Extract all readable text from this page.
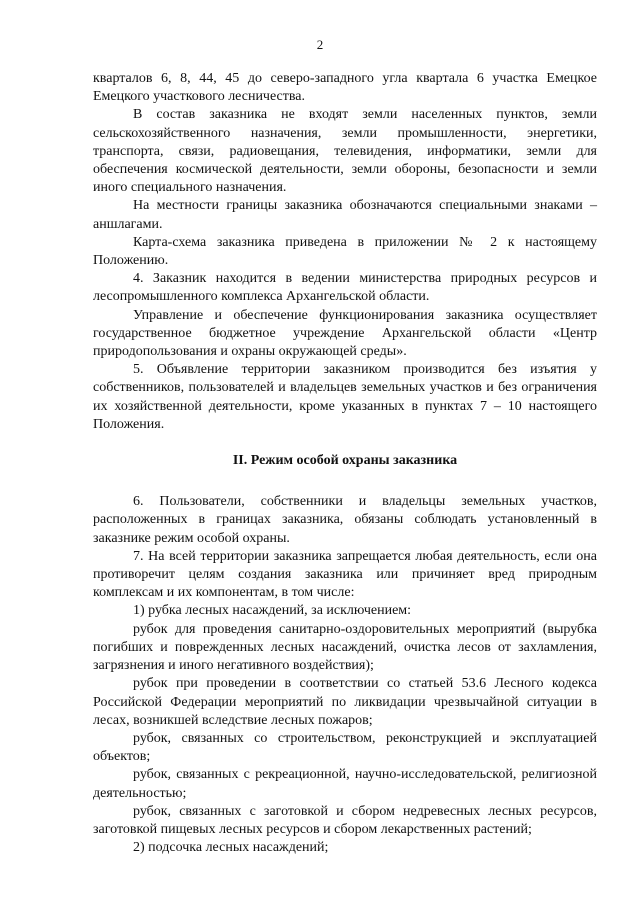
2

кварталов 6, 8, 44, 45 до северо-западного угла квартала 6 участка Емецкое Емецкого участкового лесничества.

В состав заказника не входят земли населенных пунктов, земли сельскохозяйственного назначения, земли промышленности, энергетики, транспорта, связи, радиовещания, телевидения, информатики, земли для обеспечения космической деятельности, земли обороны, безопасности и земли иного специального назначения.

На местности границы заказника обозначаются специальными знаками – аншлагами.

Карта-схема заказника приведена в приложении № 2 к настоящему Положению.

4. Заказник находится в ведении министерства природных ресурсов и лесопромышленного комплекса Архангельской области.

Управление и обеспечение функционирования заказника осуществляет государственное бюджетное учреждение Архангельской области «Центр природопользования и охраны окружающей среды».

5. Объявление территории заказником производится без изъятия у собственников, пользователей и владельцев земельных участков и без ограничения их хозяйственной деятельности, кроме указанных в пунктах 7 – 10 настоящего Положения.

II. Режим особой охраны заказника

6. Пользователи, собственники и владельцы земельных участков, расположенных в границах заказника, обязаны соблюдать установленный в заказнике режим особой охраны.

7. На всей территории заказника запрещается любая деятельность, если она противоречит целям создания заказника или причиняет вред природным комплексам и их компонентам, в том числе:

1) рубка лесных насаждений, за исключением:

рубок для проведения санитарно-оздоровительных мероприятий (вырубка погибших и поврежденных лесных насаждений, очистка лесов от захламления, загрязнения и иного негативного воздействия);

рубок при проведении в соответствии со статьей 53.6 Лесного кодекса Российской Федерации мероприятий по ликвидации чрезвычайной ситуации в лесах, возникшей вследствие лесных пожаров;

рубок, связанных со строительством, реконструкцией и эксплуатацией объектов;

рубок, связанных с рекреационной, научно-исследовательской, религиозной деятельностью;

рубок, связанных с заготовкой и сбором недревесных лесных ресурсов, заготовкой пищевых лесных ресурсов и сбором лекарственных растений;

2) подсочка лесных насаждений;
